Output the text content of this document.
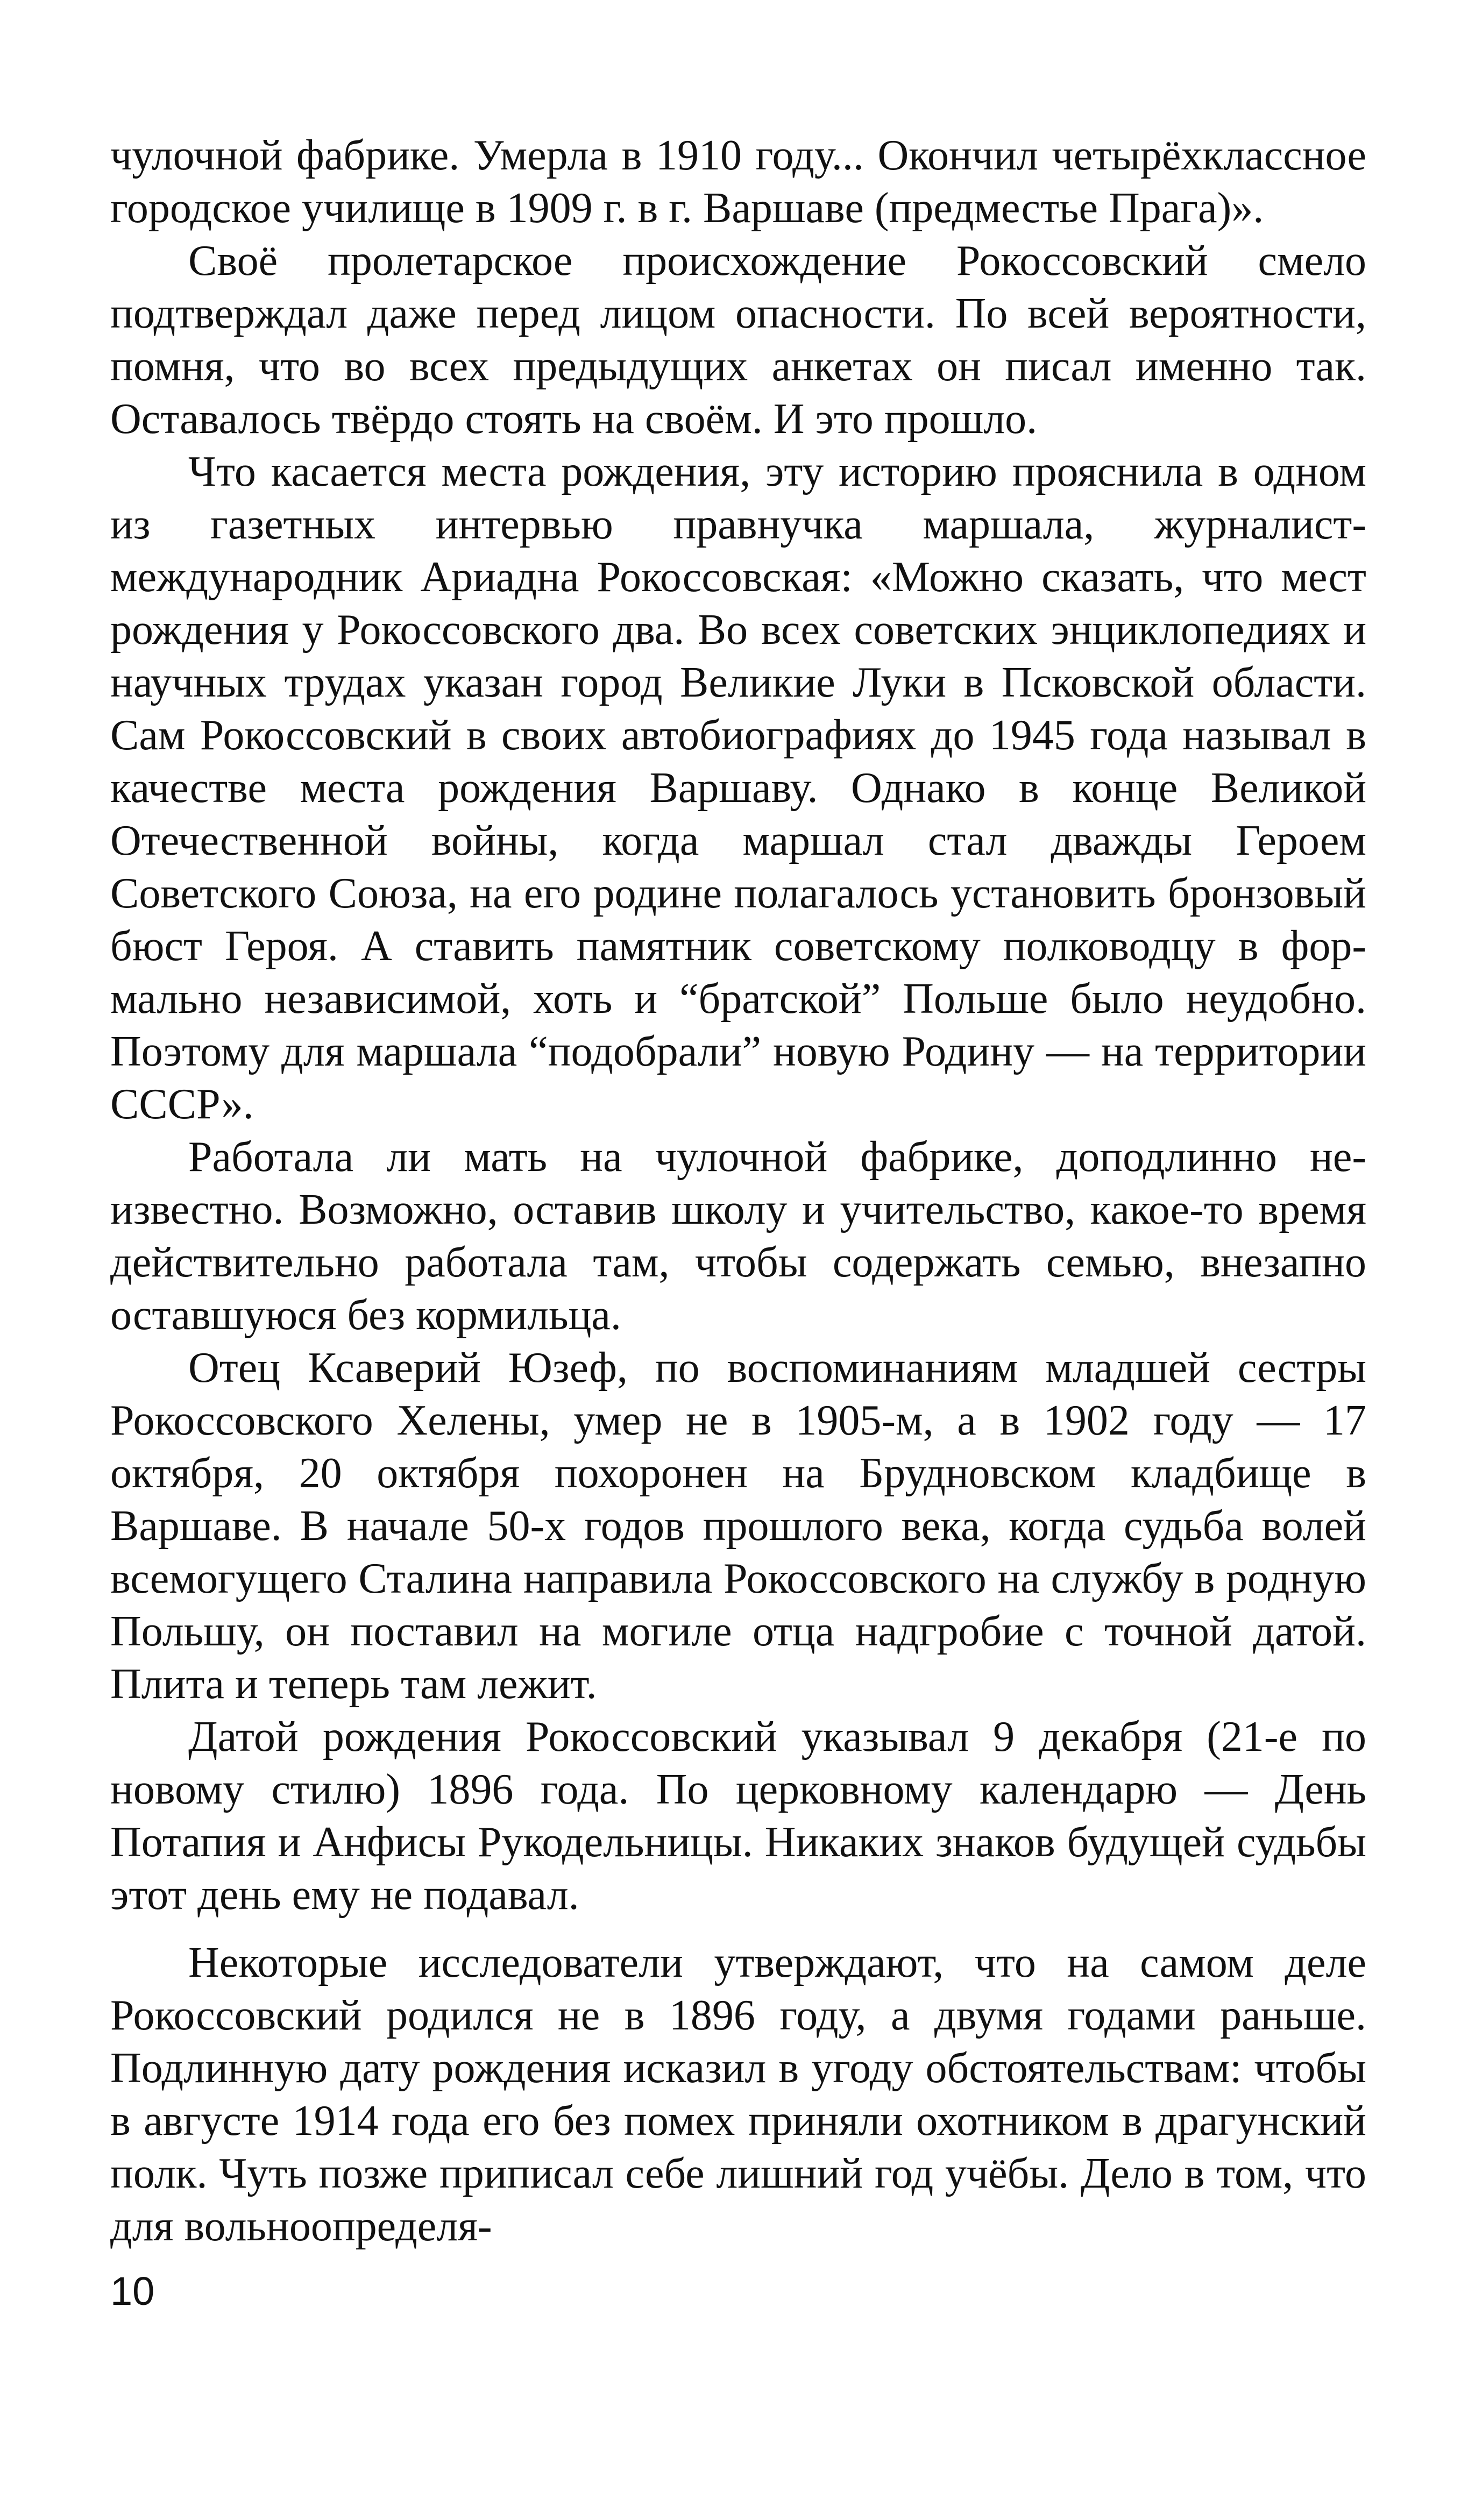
чулочной фабрике. Умерла в 1910 году... Окончил четырёхклассное городское училище в 1909 г. в г. Варшаве (предместье Прага)».

Своё пролетарское происхождение Рокоссовский смело подтверждал даже перед лицом опасности. По всей вероятности, помня, что во всех предыдущих анкетах он писал именно так. Оставалось твёрдо стоять на своём. И это прошло.

Что касается места рождения, эту историю прояснила в одном из газетных интервью правнучка маршала, журналист-международник Ариадна Рокоссовская: «Можно сказать, что мест рождения у Рокоссовского два. Во всех советских энциклопедиях и научных трудах указан город Великие Луки в Псковской области. Сам Рокоссовский в своих автобиографиях до 1945 года называл в качестве места рождения Варшаву. Однако в конце Великой Отечественной войны, когда маршал стал дважды Героем Советского Союза, на его родине полагалось установить бронзовый бюст Героя. А ставить памятник советскому полководцу в формально независимой, хоть и “братской” Польше было неудобно. Поэтому для маршала “подобрали” новую Родину — на территории СССР».

Работала ли мать на чулочной фабрике, доподлинно неизвестно. Возможно, оставив школу и учительство, какое-то время действительно работала там, чтобы содержать семью, внезапно оставшуюся без кормильца.

Отец Ксаверий Юзеф, по воспоминаниям младшей сестры Рокоссовского Хелены, умер не в 1905-м, а в 1902 году — 17 октября, 20 октября похоронен на Брудновском кладбище в Варшаве. В начале 50-х годов прошлого века, когда судьба волей всемогущего Сталина направила Рокоссовского на службу в родную Польшу, он поставил на могиле отца надгробие с точной датой. Плита и теперь там лежит.

Датой рождения Рокоссовский указывал 9 декабря (21-е по новому стилю) 1896 года. По церковному календарю — День Потапия и Анфисы Рукодельницы. Никаких знаков будущей судьбы этот день ему не подавал.

Некоторые исследователи утверждают, что на самом деле Рокоссовский родился не в 1896 году, а двумя годами раньше. Подлинную дату рождения исказил в угоду обстоятельствам: чтобы в августе 1914 года его без помех приняли охотником в драгунский полк. Чуть позже приписал себе лишний год учёбы. Дело в том, что для вольноопределя-

10
